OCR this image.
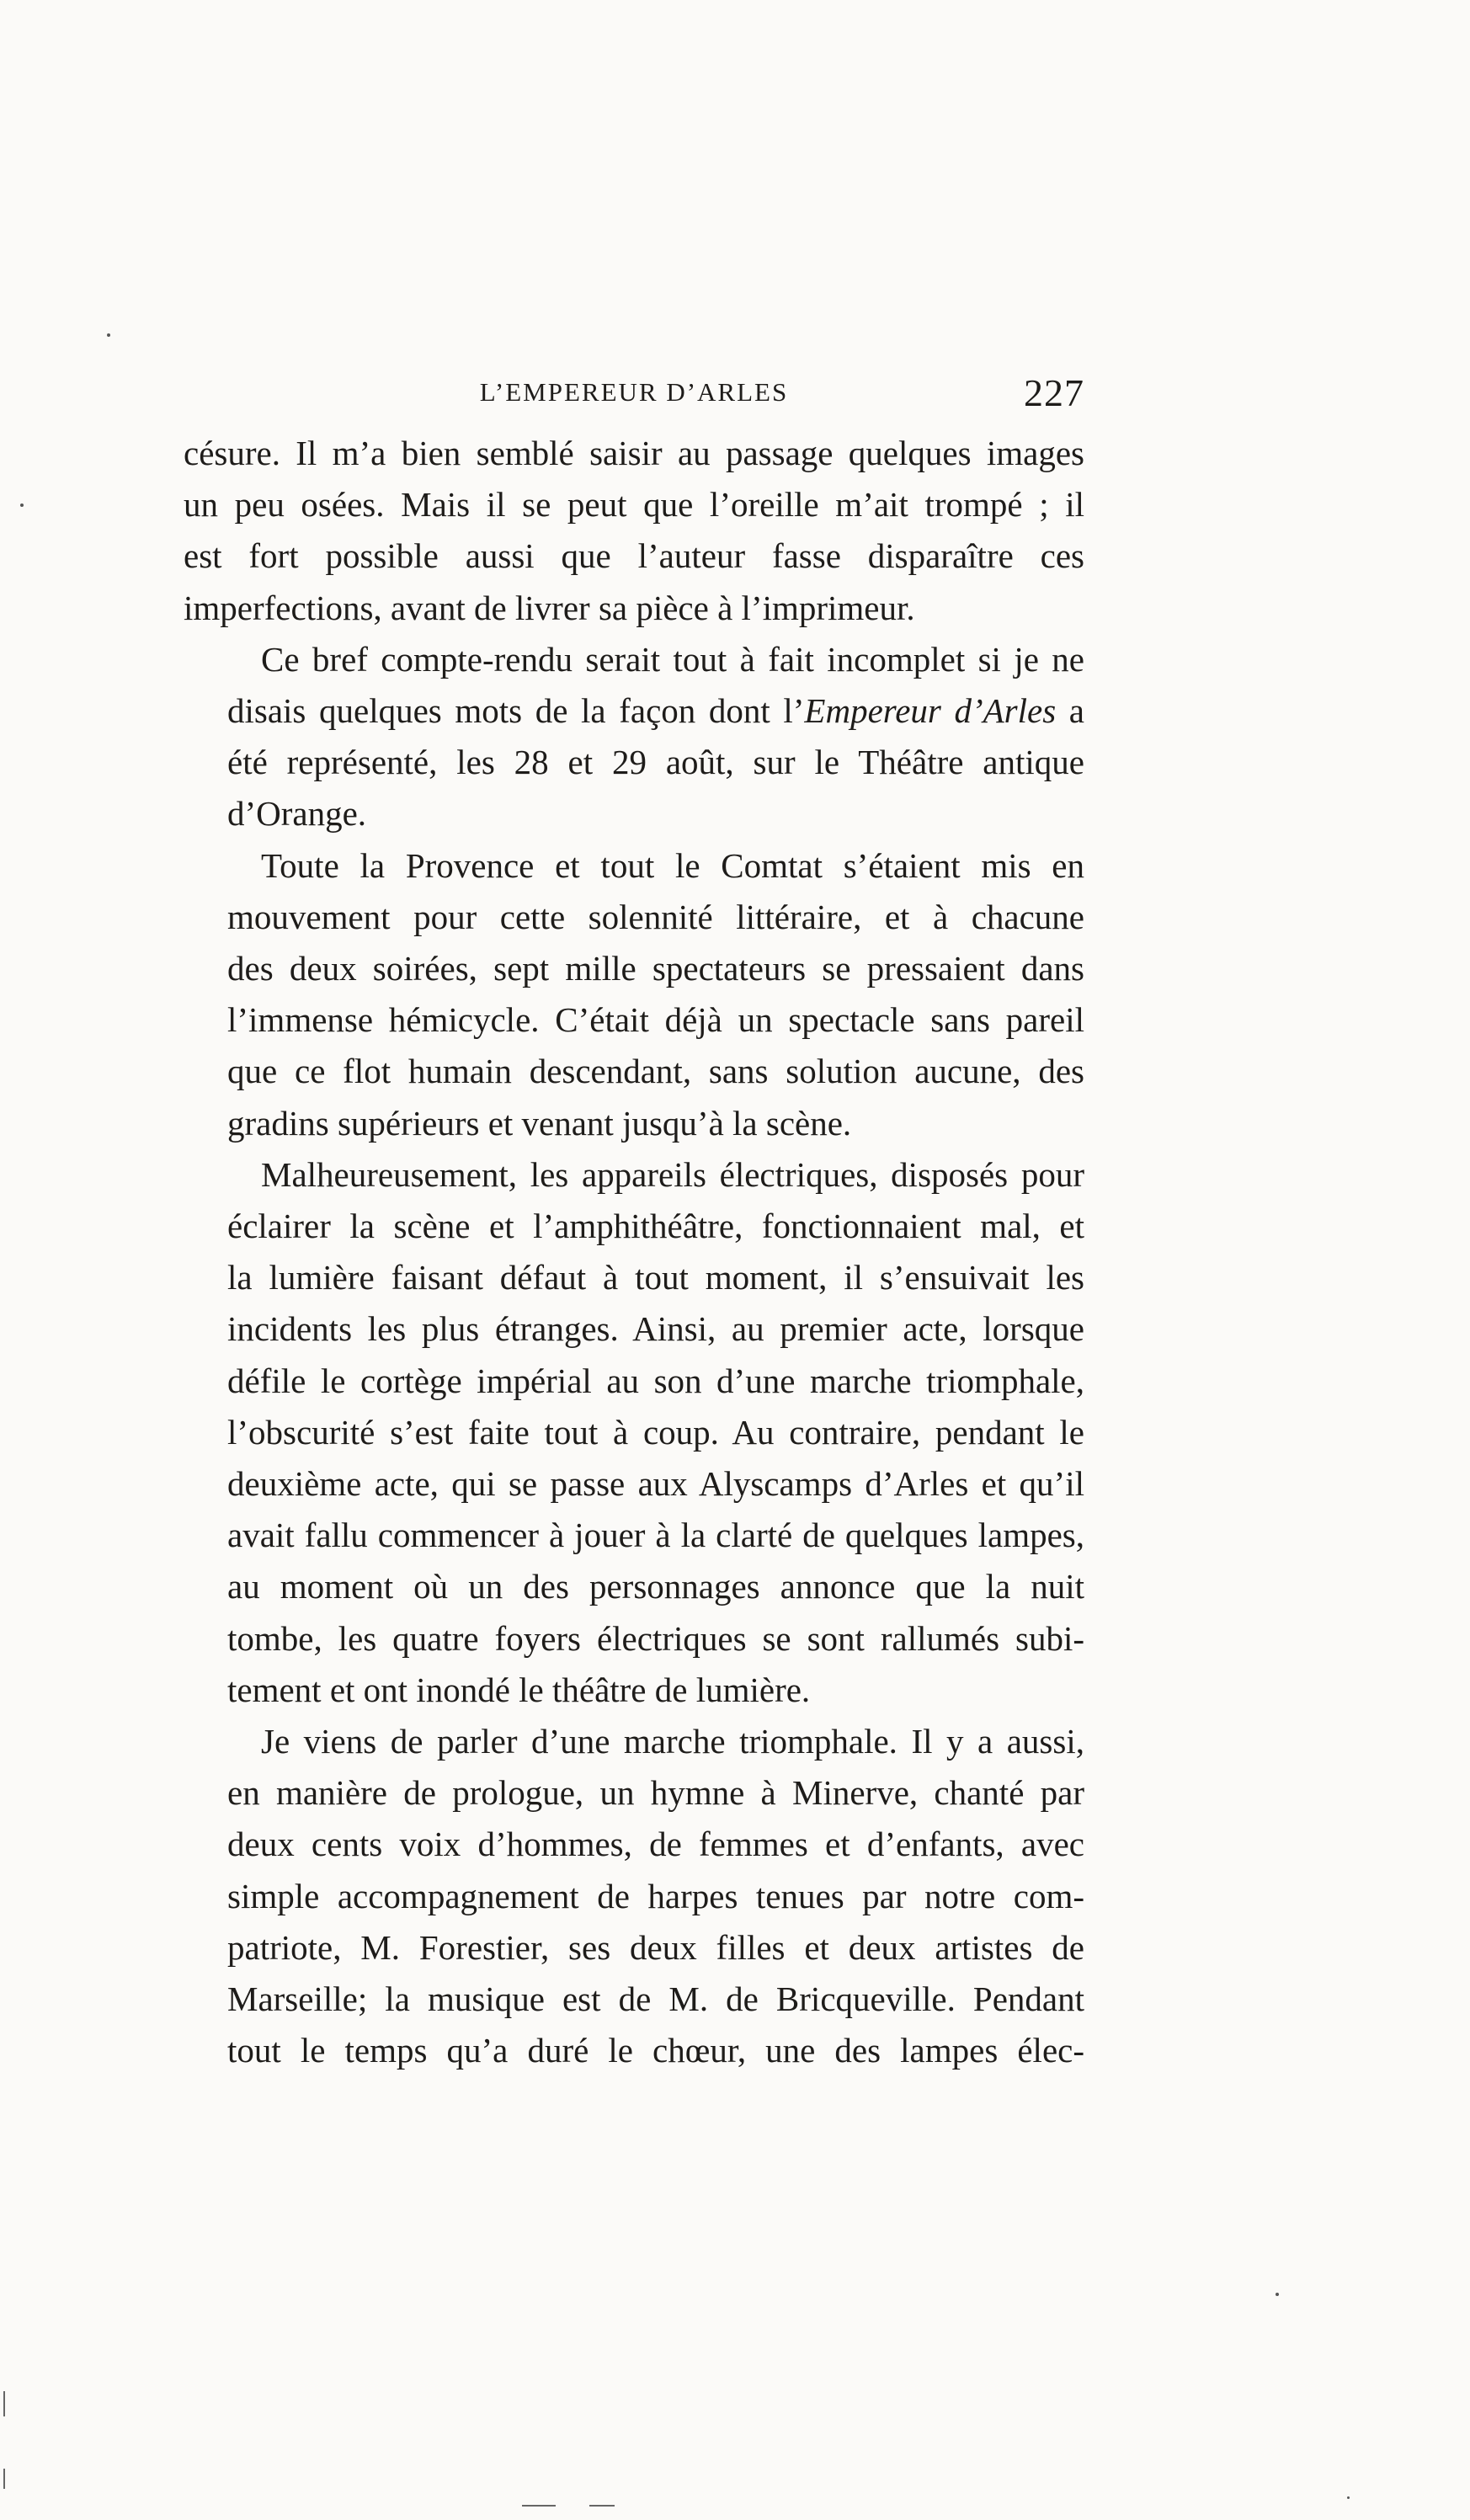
L’EMPEREUR D’ARLES	227

césure. Il m’a bien semblé saisir au passage quelques images
un peu osées. Mais il se peut que l’oreille m’ait trompé ; il
est fort possible aussi que l’auteur fasse disparaître ces
imperfections, avant de livrer sa pièce à l’imprimeur.

Ce bref compte-rendu serait tout à fait incomplet si je ne
disais quelques mots de la façon dont l’Empereur d’Arles a
été représenté, les 28 et 29 août, sur le Théâtre antique
d’Orange.

Toute la Provence et tout le Comtat s’étaient mis en
mouvement pour cette solennité littéraire, et à chacune
des deux soirées, sept mille spectateurs se pressaient dans
l’immense hémicycle. C’était déjà un spectacle sans pareil
que ce flot humain descendant, sans solution aucune, des
gradins supérieurs et venant jusqu’à la scène.

Malheureusement, les appareils électriques, disposés pour
éclairer la scène et l’amphithéâtre, fonctionnaient mal, et
la lumière faisant défaut à tout moment, il s’ensuivait les
incidents les plus étranges. Ainsi, au premier acte, lorsque
défile le cortège impérial au son d’une marche triomphale,
l’obscurité s’est faite tout à coup. Au contraire, pendant le
deuxième acte, qui se passe aux Alyscamps d’Arles et qu’il
avait fallu commencer à jouer à la clarté de quelques lampes,
au moment où un des personnages annonce que la nuit
tombe, les quatre foyers électriques se sont rallumés subi-
tement et ont inondé le théâtre de lumière.

Je viens de parler d’une marche triomphale. Il y a aussi,
en manière de prologue, un hymne à Minerve, chanté par
deux cents voix d’hommes, de femmes et d’enfants, avec
simple accompagnement de harpes tenues par notre com-
patriote, M. Forestier, ses deux filles et deux artistes de
Marseille; la musique est de M. de Bricqueville. Pendant
tout le temps qu’a duré le chœur, une des lampes élec-
